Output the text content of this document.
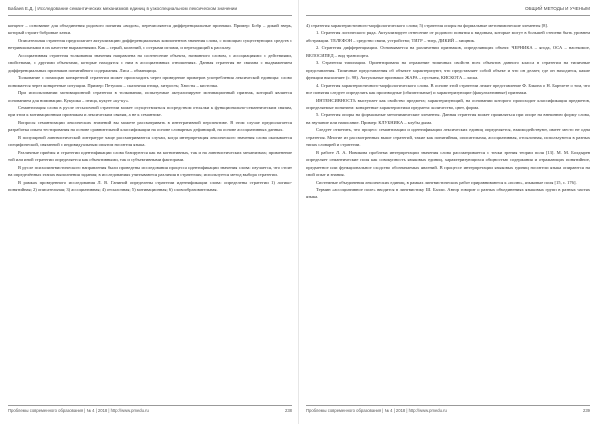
Бабаев Е.Д. | Исследование семантических механизмов единиц в узкоспециальном лексическом значении

концепт – основание для объединения родового понятия «видов», перечисляются дифференциальные признаки. Пример: Бобр – дикий зверь, который строит бобровые хатки.

Описательная стратегия предполагает актуализацию дифференциальных компонентов значения слова, с помощью существующих средств с нетривиальными в их качестве выражениями. Как – серый, колючий, с острыми иглами, и переходящий к рассказу.

Ассоциативная стратегия толкования значения направлена на соотнесение объекта, названного словом, с ассоциациями: с действиями, свойствами, с другими объектами, которые находятся с ним в ассоциативных отношениях. Данная стратегия не связана с выдвижением дифференциальных признаков понятийного содержания. Лиса – обманщица.

Толкование с помощью конкретной стратегии может происходить через приведение примеров употребления лексической единицы: слово понимается через конкретные ситуации. Пример: Петушок – сказочная птица, хитрость; Хвосты – кисточка.

При использовании мотивационной стратегии в толковании, испытуемые актуализируют мотивационный признак, который является основанием для номинации. Кукушка – птица, кукует «ку-ку».

Семантизация слова в русле отсылочной стратегии может осуществляться посредством отсылки к функционально-семантическим связям, при этом к мотивационным признакам и лексическим связям, а не к семантике.

Вопросы семантизации лексических значений вы можете рассматривать в интегративной перспективе. В этом случае предполагается разработка опыта тестирования на основе сравнительной классификации на основе словарных дефиниций, на основе ассоциативных данных.

В популярной лингвистической литературе чаще рассматриваются случаи, когда интерпретация лексического значения слова оказывается специфической, связанной с индивидуальным опытом носителя языка.

Различные приёмы и стратегии идентификации слова базируются как на когнитивных, так и на лингвистических механизмах; применение той или иной стратегии определяется как объективными, так и субъективными факторами.

В русле психолингвистического направления были проведены исследования процесса идентификации значения слова: изучается, что стоит на определённых этапах выполнения задания; в исследованиях учитываются различия в стратегиях; используется метод выбора стратегии.

В рамках проведенного исследования Л. В. Ганиной определены стратегии идентификации слова: определены стратегии 1) логико-понятийная; 2) описательная; 3) ассоциативная; 4) отсылочная; 5) мотивационная; 6) словообразовательная.

Проблемы современного образования | № 4 | 2018 | http://www.pmedu.ru	238
ОБЩИЙ МЕТОДЫ И УЧЕНЫМ

4) стратегия характеристичного-морфологического слова; 5) стратегия опоры на формальные метонимические элементы [8].

1. Стратегия логического ряда. Актуализирует отнесение от родового понятия к видовым, которые могут в большей степени быть уровнем абстракции. ТЕЛЕФОН – средство связи, устройство; ТИГР – тигр, ДИКИЙ – хищник.

2. Стратегия дифференциации. Основывается на различении признаков, определяющих объект. ЧЕРНИКА – ягода, ОСА – насекомое, ВЕЛОСИПЕД – вид транспорта.

3. Стратегия типизации. Ориентирована на отражение типичных свойств всех объектов данного класса в стратегии на типичные представления. Типичные представления об объекте характеризуют, что представляет собой объект и что он делает, где он находится, какие функции выполняет (с. 98). Актуальные признаки: ЖАРА – пустыня, КИСКОТА – ласка.

4. Стратегия характеристичного-морфологического слова. В основе этой стратегии лежит представление Ф. Бэкона о Н. Бартлете о том, что все понятия следует определять как производные (обязательные) и характеризующие (факультативные) признаки.

ИНТЕНСИВНОСТЬ выступает как свойство предмета; характеризующий, на основании которого происходит классификация предметов, определяемые понятием: конкретные характеристики предмета: количество, цвет, форма.

5. Стратегия опоры на формальные метонимические элементы. Данная стратегия может проявляться при опоре на внешнюю форму слова, на звучание или написание. Пример: КЛУБНИКА – клубы дыма.

Следует отметить, что процесс семантизации и идентификации лексических единиц определяется, взаимодействуют, имеет место не одна стратегия. Многие из рассмотренных выше стратегий, такие как понятийная, описательная, ассоциативная, отсылочная, используются в разных типах словарей и стратегии.

В работе Л. А. Новикова проблема интерпретации значения слова рассматривается с точки зрения теории поля [13]. М. М. Болдырев определяет семантические поля как совокупность языковых единиц, характеризующихся общностью содержания и отражающих понятийное, предметное или функциональное сходство обозначаемых явлений. В процессе интерпретации языковых единиц носители языка опираются на свой опыт и знания.

Системные объединения лексических единиц, в рамках лингвистических работ приравниваются к «полю», языковые поля [15, с. 176].

Термин «ассоциативное поле» вводится в лингвистику Ш. Балли. Автор говорит о разных объединениях языковых групп в разных частях языка.

Проблемы современного образования | № 4 | 2018 | http://www.pmedu.ru	239
